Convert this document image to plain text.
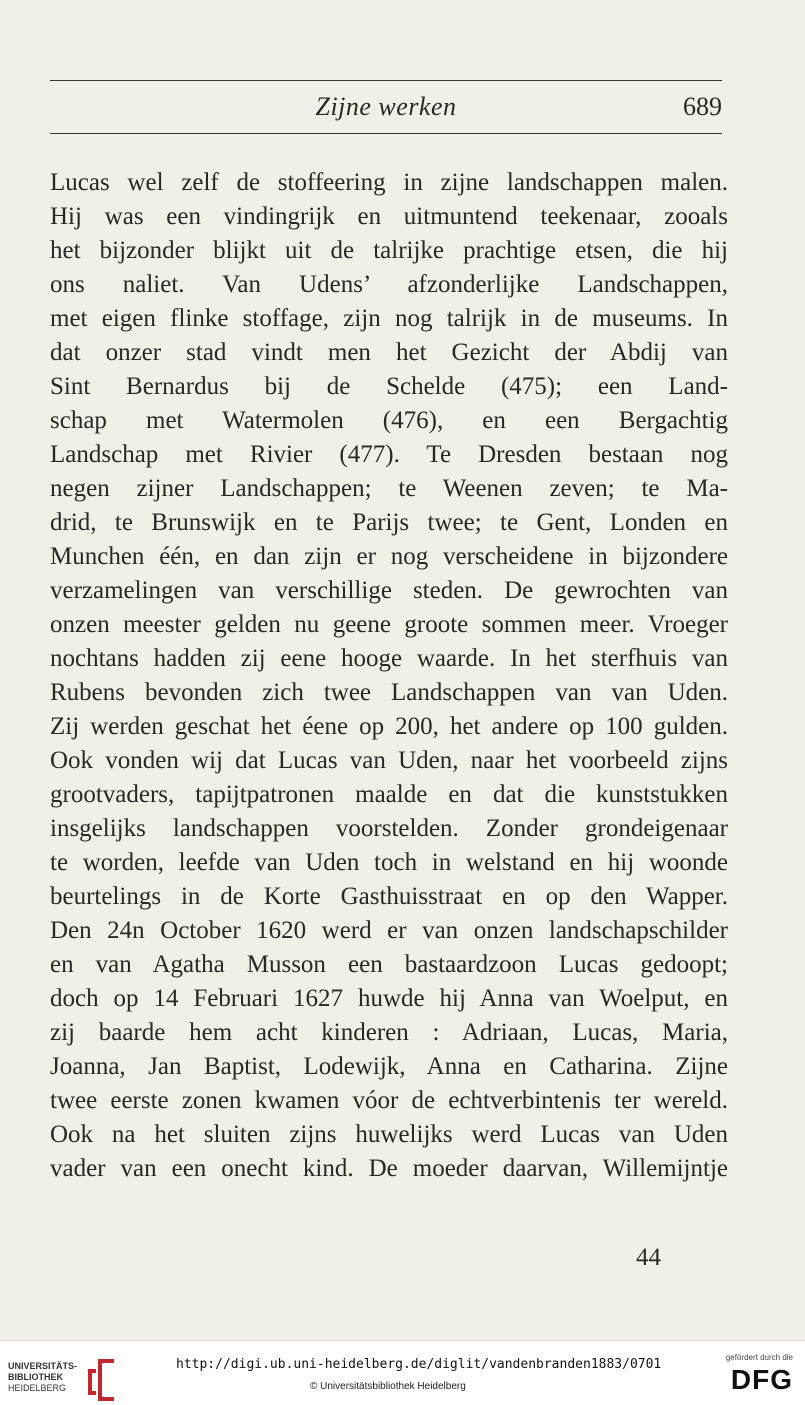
Zijne werken	689
Lucas wel zelf de stoffeering in zijne landschappen malen.
Hij was een vindingrijk en uitmuntend teekenaar, zooals
het bijzonder blijkt uit de talrijke prachtige etsen, die hij
ons naliet. Van Udens’ afzonderlijke Landschappen,
met eigen flinke stoffage, zijn nog talrijk in de museums. In
dat onzer stad vindt men het Gezicht der Abdij van
Sint Bernardus bij de Schelde (475); een Land-
schap met Watermolen (476), en een Bergachtig
Landschap met Rivier (477). Te Dresden bestaan nog
negen zijner Landschappen; te Weenen zeven; te Ma-
drid, te Brunswijk en te Parijs twee; te Gent, Londen en
Munchen één, en dan zijn er nog verscheidene in bijzondere
verzamelingen van verschillige steden. De gewrochten van
onzen meester gelden nu geene groote sommen meer. Vroeger
nochtans hadden zij eene hooge waarde. In het sterfhuis van
Rubens bevonden zich twee Landschappen van van Uden.
Zij werden geschat het éene op 200, het andere op 100 gulden.
Ook vonden wij dat Lucas van Uden, naar het voorbeeld zijns
grootvaders, tapijtpatronen maalde en dat die kunststukken
insgelijks landschappen voorstelden. Zonder grondeigenaar
te worden, leefde van Uden toch in welstand en hij woonde
beurtelings in de Korte Gasthuisstraat en op den Wapper.
Den 24n October 1620 werd er van onzen landschapschilder
en van Agatha Musson een bastaardzoon Lucas gedoopt;
doch op 14 Februari 1627 huwde hij Anna van Woelput, en
zij baarde hem acht kinderen : Adriaan, Lucas, Maria,
Joanna, Jan Baptist, Lodewijk, Anna en Catharina. Zijne
twee eerste zonen kwamen vóor de echtverbintenis ter wereld.
Ook na het sluiten zijns huwelijks werd Lucas van Uden
vader van een onecht kind. De moeder daarvan, Willemijntje
44
UNIVERSITÄTS-
BIBLIOTHEK
HEIDELBERG
http://digi.ub.uni-heidelberg.de/diglit/vandenbranden1883/0701
© Universitätsbibliothek Heidelberg
gefördert durch die
DFG
